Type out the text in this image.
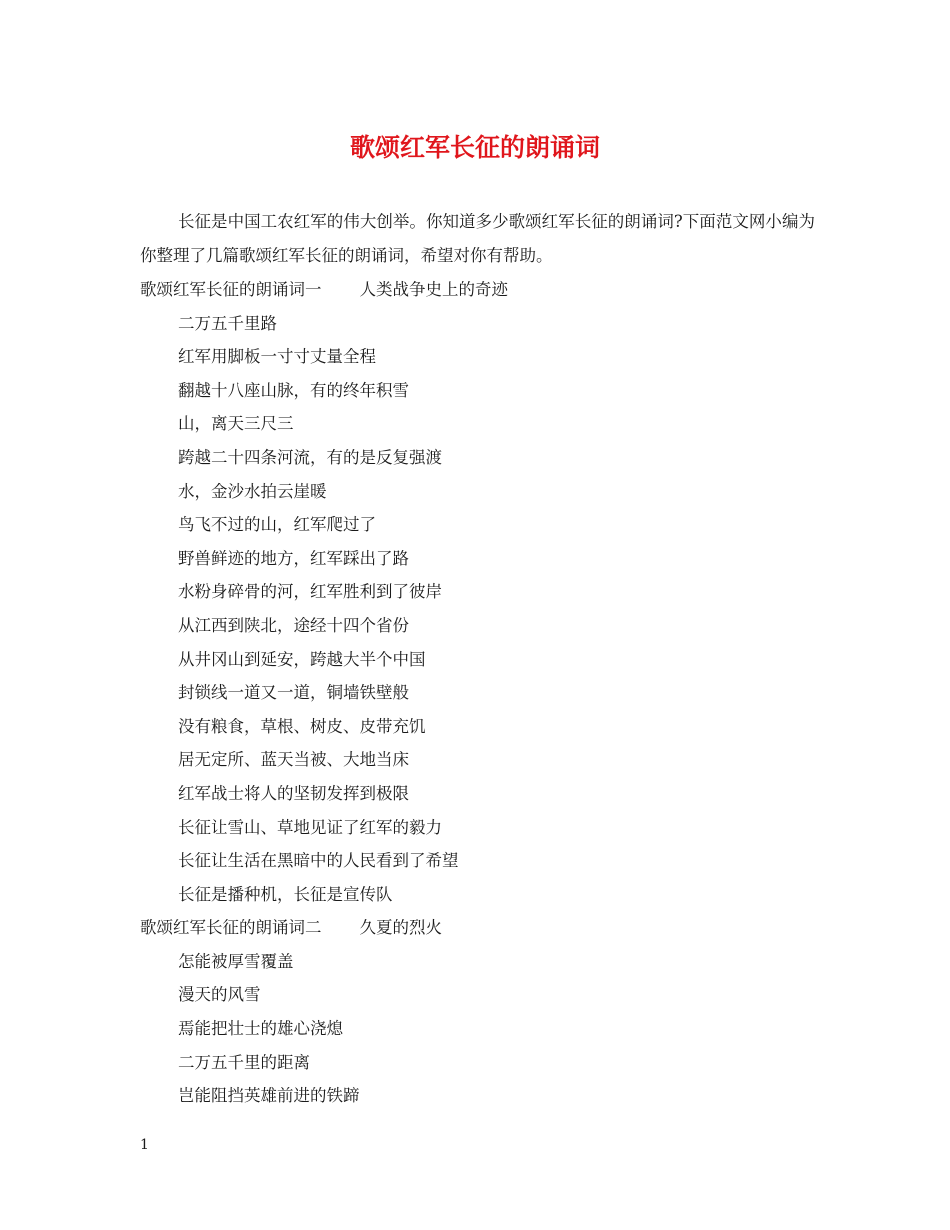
歌颂红军长征的朗诵词
长征是中国工农红军的伟大创举。你知道多少歌颂红军长征的朗诵词?下面范文网小编为你整理了几篇歌颂红军长征的朗诵词，希望对你有帮助。
歌颂红军长征的朗诵词一 人类战争史上的奇迹
二万五千里路
红军用脚板一寸寸丈量全程
翻越十八座山脉，有的终年积雪
山，离天三尺三
跨越二十四条河流，有的是反复强渡
水，金沙水拍云崖暖
鸟飞不过的山，红军爬过了
野兽鲜迹的地方，红军踩出了路
水粉身碎骨的河，红军胜利到了彼岸
从江西到陕北，途经十四个省份
从井冈山到延安，跨越大半个中国
封锁线一道又一道，铜墙铁壁般
没有粮食，草根、树皮、皮带充饥
居无定所、蓝天当被、大地当床
红军战士将人的坚韧发挥到极限
长征让雪山、草地见证了红军的毅力
长征让生活在黑暗中的人民看到了希望
长征是播种机，长征是宣传队
歌颂红军长征的朗诵词二 久夏的烈火
怎能被厚雪覆盖
漫天的风雪
焉能把壮士的雄心浇熄
二万五千里的距离
岂能阻挡英雄前进的铁蹄
1
